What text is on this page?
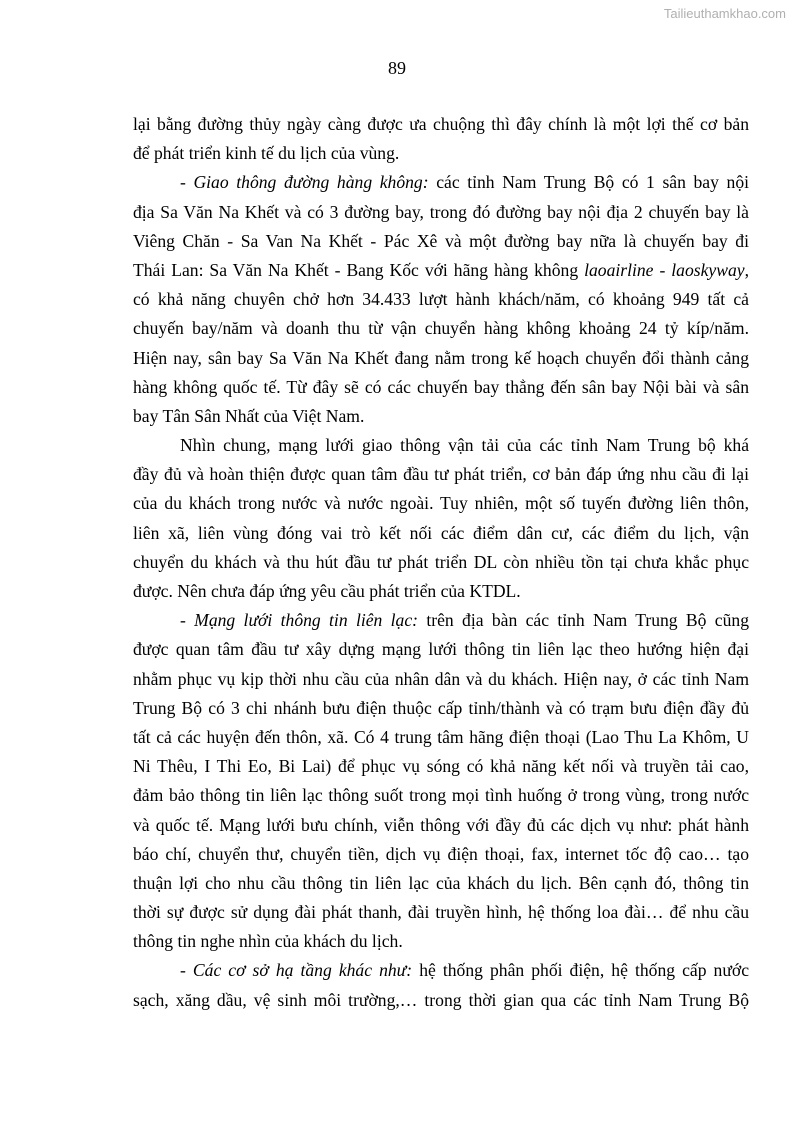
Tailieuthamkhao.com
89
lại bằng đường thủy ngày càng được ưa chuộng thì đây chính là một lợi thế cơ bản
để phát triển kinh tế du lịch của vùng.
- Giao thông đường hàng không: các tỉnh Nam Trung Bộ có 1 sân bay nội
địa Sa Văn Na Khết và có 3 đường bay, trong đó đường bay nội địa 2 chuyến bay là
Viêng Chăn - Sa Van Na Khết - Pác Xê và một đường bay nữa là chuyến bay đi
Thái Lan: Sa Văn Na Khết - Bang Kốc với hãng hàng không laoairline - laoskyway,
có khả năng chuyên chở hơn 34.433 lượt hành khách/năm, có khoảng 949 tất cả
chuyến bay/năm và doanh thu từ vận chuyển hàng không khoảng 24 tỷ kíp/năm.
Hiện nay, sân bay Sa Văn Na Khết đang nằm trong kế hoạch chuyển đổi thành cảng
hàng không quốc tế. Từ đây sẽ có các chuyến bay thẳng đến sân bay Nội bài và sân
bay Tân Sân Nhất của Việt Nam.
Nhìn chung, mạng lưới giao thông vận tải của các tỉnh Nam Trung bộ khá
đầy đủ và hoàn thiện được quan tâm đầu tư phát triển, cơ bản đáp ứng nhu cầu đi lại
của du khách trong nước và nước ngoài. Tuy nhiên, một số tuyến đường liên thôn,
liên xã, liên vùng đóng vai trò kết nối các điểm dân cư, các điểm du lịch, vận
chuyển du khách và thu hút đầu tư phát triển DL còn nhiều tồn tại chưa khắc phục
được. Nên chưa đáp ứng yêu cầu phát triển của KTDL.
- Mạng lưới thông tin liên lạc: trên địa bàn các tỉnh Nam Trung Bộ cũng
được quan tâm đầu tư xây dựng mạng lưới thông tin liên lạc theo hướng hiện đại
nhằm phục vụ kịp thời nhu cầu của nhân dân và du khách. Hiện nay, ở các tỉnh Nam
Trung Bộ có 3 chi nhánh bưu điện thuộc cấp tỉnh/thành và có trạm bưu điện đầy đủ
tất cả các huyện đến thôn, xã. Có 4 trung tâm hãng điện thoại (Lao Thu La Khôm, U
Ni Thêu, I Thi Eo, Bi Lai) để phục vụ sóng có khả năng kết nối và truyền tải cao,
đảm bảo thông tin liên lạc thông suốt trong mọi tình huống ở trong vùng, trong nước
và quốc tế. Mạng lưới bưu chính, viễn thông với đầy đủ các dịch vụ như: phát hành
báo chí, chuyển thư, chuyển tiền, dịch vụ điện thoại, fax, internet tốc độ cao… tạo
thuận lợi cho nhu cầu thông tin liên lạc của khách du lịch. Bên cạnh đó, thông tin
thời sự được sử dụng đài phát thanh, đài truyền hình, hệ thống loa đài… để nhu cầu
thông tin nghe nhìn của khách du lịch.
- Các cơ sở hạ tầng khác như: hệ thống phân phối điện, hệ thống cấp nước
sạch, xăng dầu, vệ sinh môi trường,… trong thời gian qua các tỉnh Nam Trung Bộ
